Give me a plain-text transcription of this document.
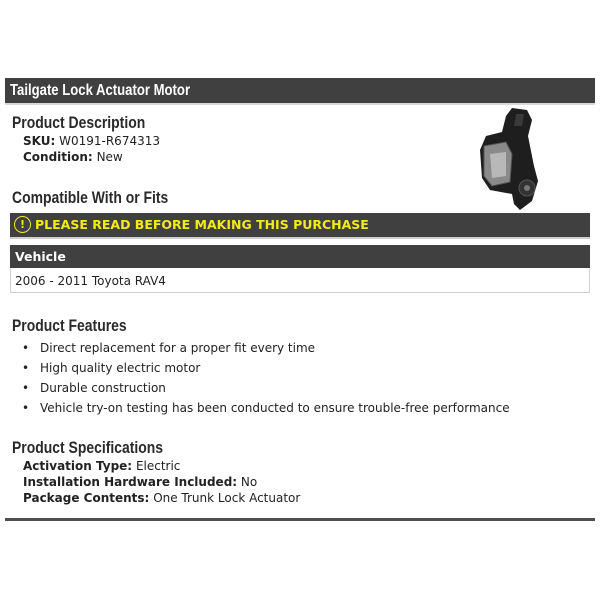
Tailgate Lock Actuator Motor
Product Description
SKU: W0191-R674313
Condition: New
Compatible With or Fits
! PLEASE READ BEFORE MAKING THIS PURCHASE
Vehicle
2006 - 2011 Toyota RAV4
Product Features
• Direct replacement for a proper fit every time
• High quality electric motor
• Durable construction
• Vehicle try-on testing has been conducted to ensure trouble-free performance
Product Specifications
Activation Type: Electric
Installation Hardware Included: No
Package Contents: One Trunk Lock Actuator
